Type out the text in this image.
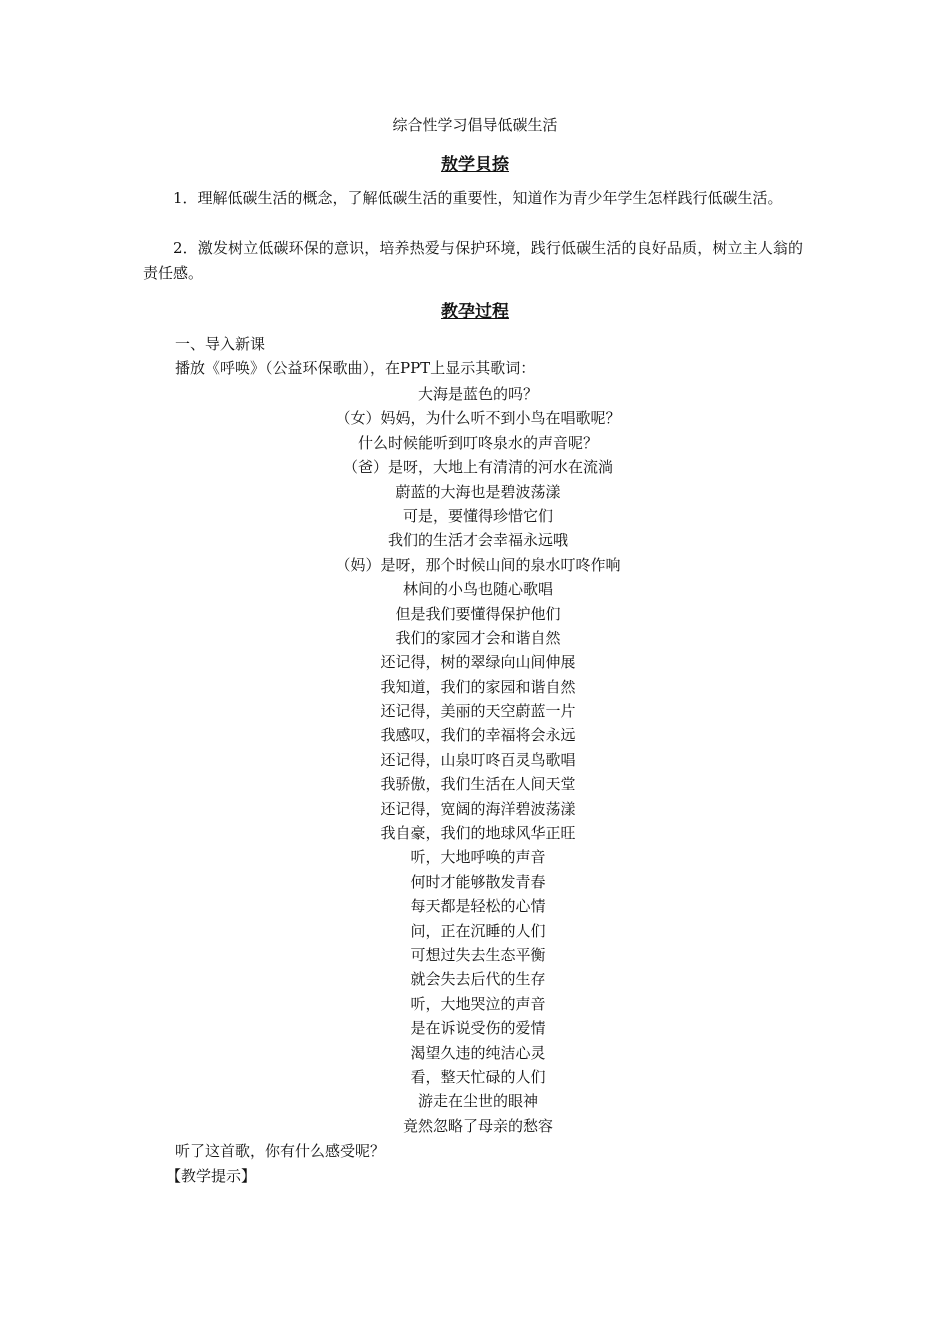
综合性学习倡导低碳生活
敖学貝捺
1．理解低碳生活的概念，了解低碳生活的重要性，知道作为青少年学生怎样践行低碳生活。
2．激发树立低碳环保的意识，培养热爱与保护环境，践行低碳生活的良好品质，树立主人翁的责任感。
教孕过程
一、导入新课
播放《呼唤》（公益环保歌曲），在PPT上显示其歌词：
大海是蓝色的吗？
（女）妈妈，为什么听不到小鸟在唱歌呢？
什么时候能听到叮咚泉水的声音呢？
（爸）是呀，大地上有清清的河水在流淌
蔚蓝的大海也是碧波荡漾
可是，要懂得珍惜它们
我们的生活才会幸福永远哦
（妈）是呀，那个时候山间的泉水叮咚作响
林间的小鸟也随心歌唱
但是我们要懂得保护他们
我们的家园才会和谐自然
还记得，树的翠绿向山间伸展
我知道，我们的家园和谐自然
还记得，美丽的天空蔚蓝一片
我感叹，我们的幸福将会永远
还记得，山泉叮咚百灵鸟歌唱
我骄傲，我们生活在人间天堂
还记得，宽阔的海洋碧波荡漾
我自豪，我们的地球风华正旺
听，大地呼唤的声音
何时才能够散发青春
每天都是轻松的心情
问，正在沉睡的人们
可想过失去生态平衡
就会失去后代的生存
听，大地哭泣的声音
是在诉说受伤的爱情
渴望久违的纯洁心灵
看，整天忙碌的人们
游走在尘世的眼神
竟然忽略了母亲的愁容
听了这首歌，你有什么感受呢？
【教学提示】
